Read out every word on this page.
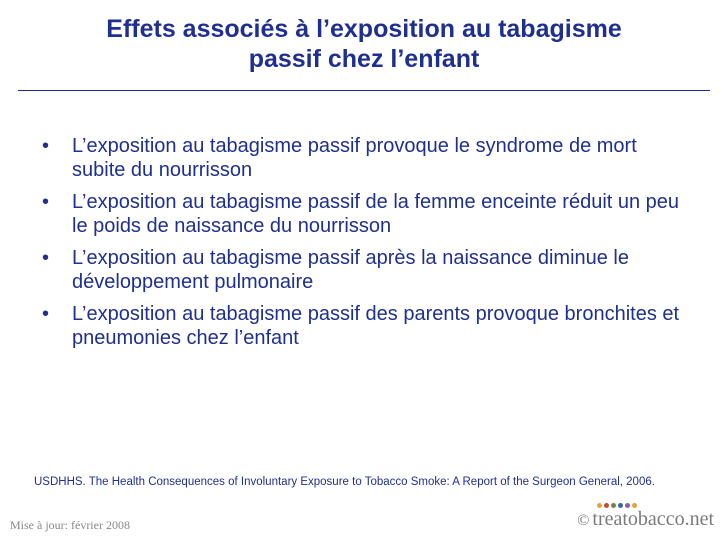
Effets associés à l’exposition au tabagisme
passif chez l’enfant
• L’exposition au tabagisme passif provoque le syndrome de mort subite du nourrisson
• L’exposition au tabagisme passif de la femme enceinte réduit un peu le poids de naissance du nourrisson
• L’exposition au tabagisme passif après la naissance diminue le développement pulmonaire
• L’exposition au tabagisme passif des parents provoque bronchites et pneumonies chez l’enfant
USDHHS. The Health Consequences of Involuntary Exposure to Tobacco Smoke: A Report of the Surgeon General, 2006.
Mise à jour: février 2008	© treatobacco.net
